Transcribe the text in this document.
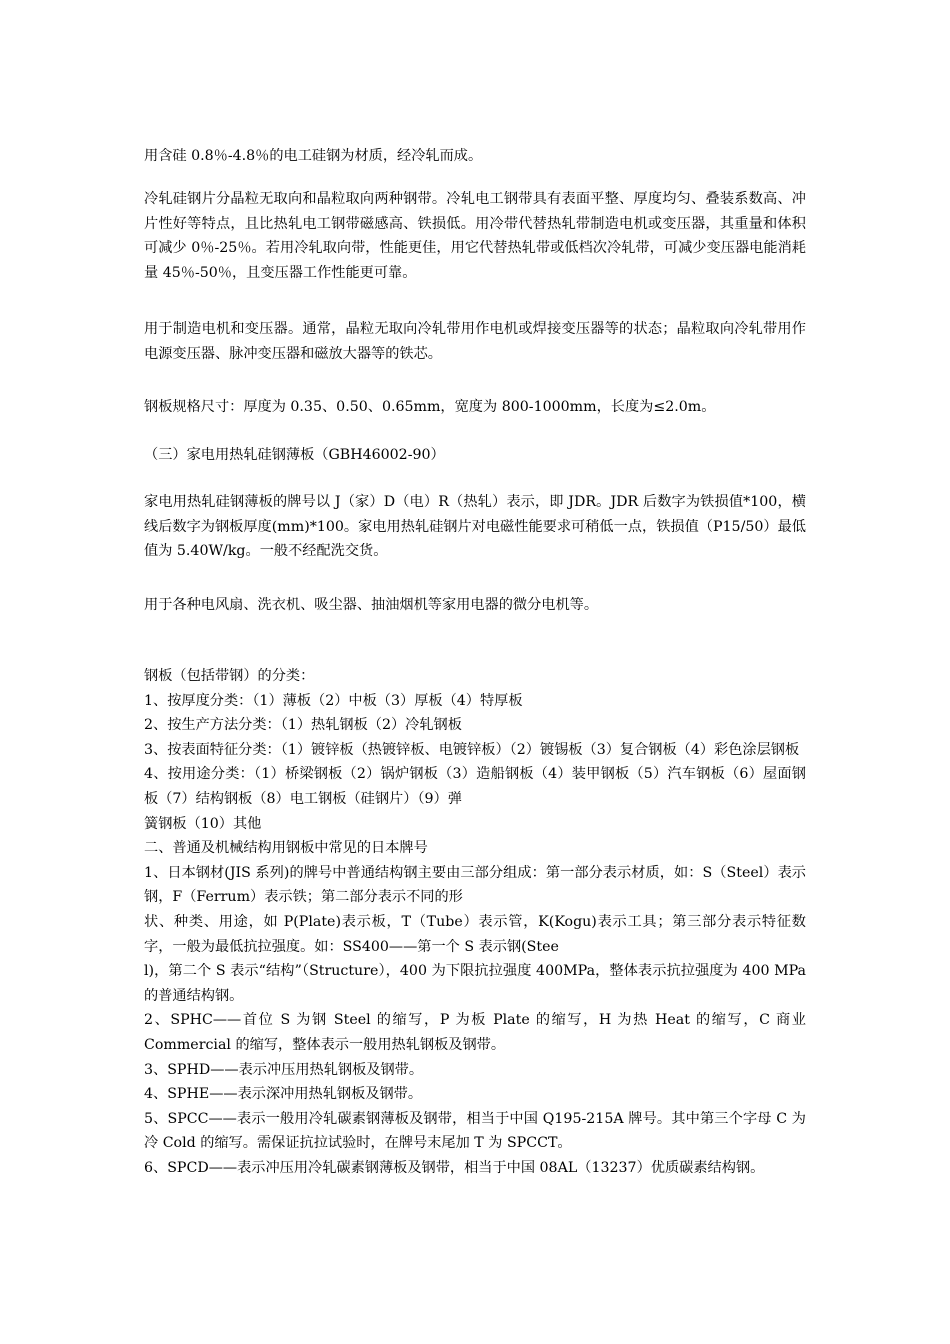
用含硅 0.8％-4.8％的电工硅钢为材质，经冷轧而成。
冷轧硅钢片分晶粒无取向和晶粒取向两种钢带。冷轧电工钢带具有表面平整、厚度均匀、叠装系数高、冲片性好等特点，且比热轧电工钢带磁感高、铁损低。用冷带代替热轧带制造电机或变压器，其重量和体积可减少 0％-25％。若用冷轧取向带，性能更佳，用它代替热轧带或低档次冷轧带，可减少变压器电能消耗量 45％-50％，且变压器工作性能更可靠。
用于制造电机和变压器。通常，晶粒无取向冷轧带用作电机或焊接变压器等的状态；晶粒取向冷轧带用作电源变压器、脉冲变压器和磁放大器等的铁芯。
钢板规格尺寸：厚度为 0.35、0.50、0.65mm，宽度为 800-1000mm，长度为≤2.0m。
（三）家电用热轧硅钢薄板（GBH46002-90）
家电用热轧硅钢薄板的牌号以 J（家）D（电）R（热轧）表示，即 JDR。JDR 后数字为铁损值*100，横线后数字为钢板厚度(mm)*100。家电用热轧硅钢片对电磁性能要求可稍低一点，铁损值（P15/50）最低值为 5.40W/kg。一般不经配洗交货。
用于各种电风扇、洗衣机、吸尘器、抽油烟机等家用电器的微分电机等。
钢板（包括带钢）的分类：
1、按厚度分类：（1）薄板（2）中板（3）厚板（4）特厚板
2、按生产方法分类：（1）热轧钢板（2）冷轧钢板
3、按表面特征分类：（1）镀锌板（热镀锌板、电镀锌板）（2）镀锡板（3）复合钢板（4）彩色涂层钢板
4、按用途分类：（1）桥梁钢板（2）锅炉钢板（3）造船钢板（4）装甲钢板（5）汽车钢板（6）屋面钢板（7）结构钢板（8）电工钢板（硅钢片）（9）弹
簧钢板（10）其他
二、普通及机械结构用钢板中常见的日本牌号
1、日本钢材(JIS 系列)的牌号中普通结构钢主要由三部分组成：第一部分表示材质，如：S（Steel）表示钢，F（Ferrum）表示铁；第二部分表示不同的形
状、种类、用途，如 P(Plate)表示板，T（Tube）表示管，K(Kogu)表示工具；第三部分表示特征数字，一般为最低抗拉强度。如：SS400——第一个 S 表示钢(Stee
l)，第二个 S 表示“结构”（Structure），400 为下限抗拉强度 400MPa，整体表示抗拉强度为 400 MPa 的普通结构钢。
2、SPHC——首位 S 为钢 Steel 的缩写，P 为板 Plate 的缩写，H 为热 Heat 的缩写，C 商业 Commercial 的缩写，整体表示一般用热轧钢板及钢带。
3、SPHD——表示冲压用热轧钢板及钢带。
4、SPHE——表示深冲用热轧钢板及钢带。
5、SPCC——表示一般用冷轧碳素钢薄板及钢带，相当于中国 Q195-215A 牌号。其中第三个字母 C 为冷 Cold 的缩写。需保证抗拉试验时，在牌号末尾加 T 为 SPCCT。
6、SPCD——表示冲压用冷轧碳素钢薄板及钢带，相当于中国 08AL（13237）优质碳素结构钢。
